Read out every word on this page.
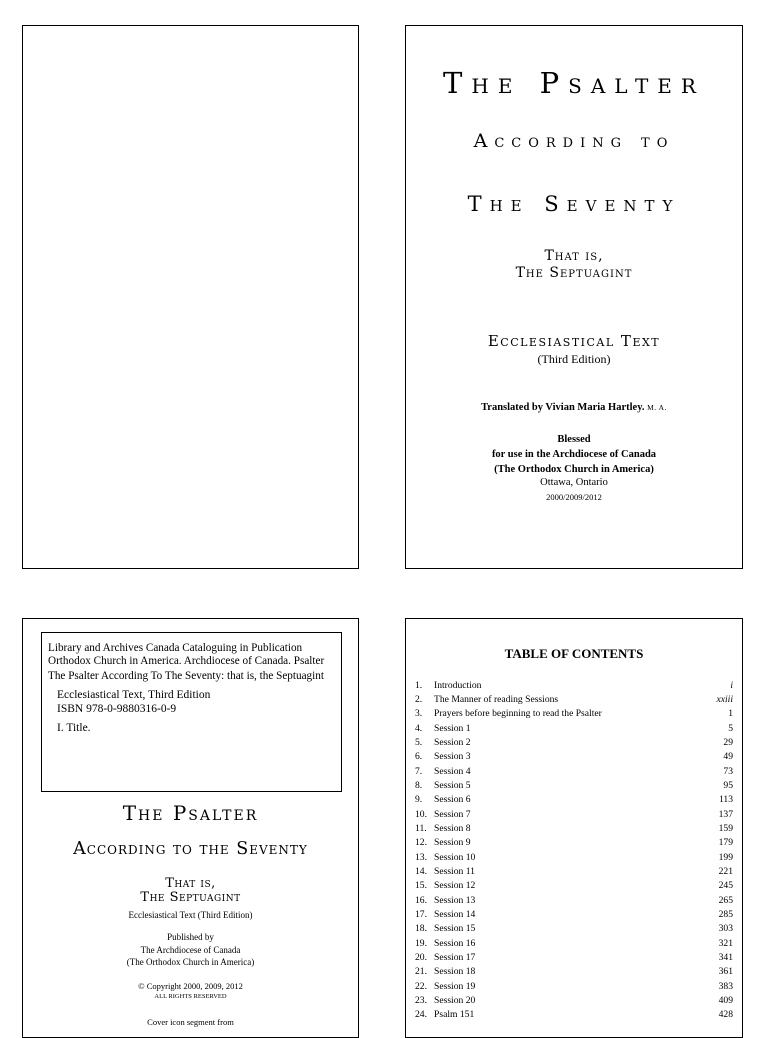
The Psalter
According to
The Seventy
That is,
The Septuagint
Ecclesiastical Text
(Third Edition)
Translated by Vivian Maria Hartley. M. A.
Blessed
for use in the Archdiocese of Canada
(The Orthodox Church in America)
Ottawa, Ontario
2000/2009/2012
Library and Archives Canada Cataloguing in Publication
Orthodox Church in America. Archdiocese of Canada. Psalter
The Psalter According To The Seventy: that is, the Septuagint
Ecclesiastical Text, Third Edition
ISBN 978-0-9880316-0-9
I. Title.
The Psalter
According to the Seventy
That is,
The Septuagint
Ecclesiastical Text (Third Edition)
Published by
The Archdiocese of Canada
(The Orthodox Church in America)
© Copyright 2000, 2009, 2012
ALL RIGHTS RESERVED
Cover icon segment from
TABLE OF CONTENTS
1.	Introduction	i
2.	The Manner of reading Sessions	xxiii
3.	Prayers before beginning to read the Psalter	1
4.	Session 1	5
5.	Session 2	29
6.	Session 3	49
7.	Session 4	73
8.	Session 5	95
9.	Session 6	113
10. Session 7	137
11. Session 8	159
12. Session 9	179
13. Session 10	199
14. Session 11	221
15. Session 12	245
16. Session 13	265
17. Session 14	285
18. Session 15	303
19. Session 16	321
20. Session 17	341
21. Session 18	361
22. Session 19	383
23. Session 20	409
24. Psalm 151	428
